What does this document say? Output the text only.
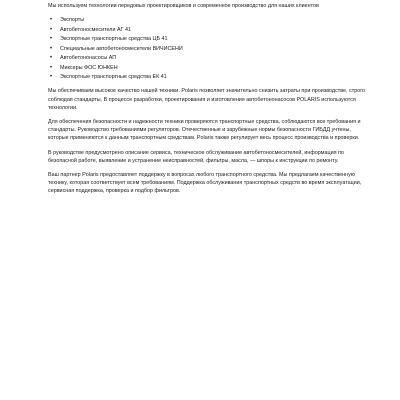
Мы используем технологии передовых проектировщиков и современное производство для наших клиентов

• Экспорты
• Автобетоносмесители АГ 41
• Экспортные транспортные средства ЦБ 41
• Специальные автобетоносмесители ВИЧИСЕНИ
• Автобетононасосы АП
• Миксеры ФОС ЮНКЕН
• Экспортные транспортные средства ЕК 41

Мы обеспечиваем высокое качество нашей техники. Polaris позволяет значительно снизить затраты при производстве, строго соблюдая стандарты. В процессе разработки, проектирования и изготовления автобетононасосов POLARIS используются технологии.

Для обеспечения безопасности и надежности техники проверяются транспортные средства, соблюдаются все требования и стандарты. Руководство требованиями регуляторов. Отечественные и зарубежные нормы безопасности ГИБДД учтены, которые применяются к данным транспортным средствам. Polaris также регулирует весь процесс производства и проверки.

В руководстве предусмотрено описание сервиса, техническое обслуживание автобетоносмесителей, информация по безопасной работе, выявление и устранение неисправностей, фильтры, масла, — шпоры к инструкции по ремонту.

Ваш партнер Polaris предоставляет поддержку в вопросах любого транспортного средства. Мы предлагаем качественную технику, которая соответствует всем требованиям. Поддержка обслуживания транспортных средств во время эксплуатации, сервисная поддержка, проверка и подбор фильтров.
